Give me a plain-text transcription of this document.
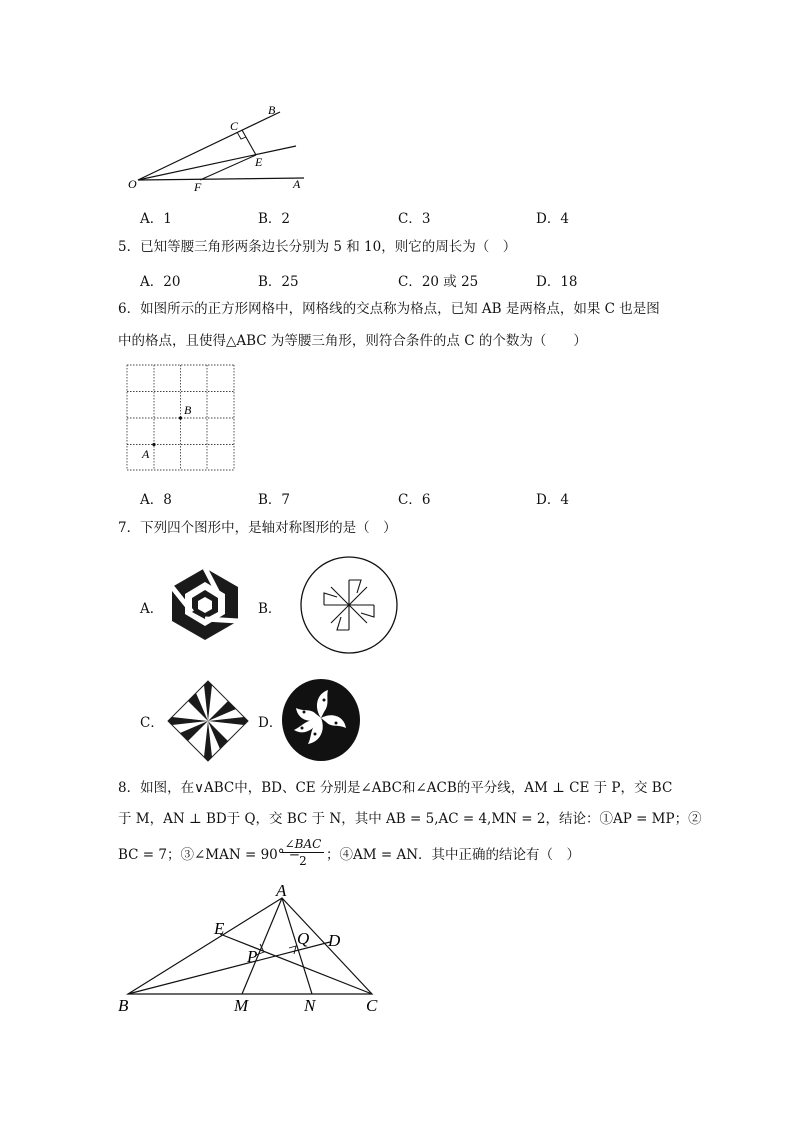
O	F	A
B
C
E
A．1	B．2	C．3	D．4
5．已知等腰三角形两条边长分别为 5 和 10，则它的周长为（　）
A．20	B．25	C．20 或 25	D．18
6．如图所示的正方形网格中，网格线的交点称为格点，已知 AB 是两格点，如果 C 也是图
中的格点，且使得△ABC 为等腰三角形，则符合条件的点 C 的个数为（　　）
A
B
A．8	B．7	C．6	D．4
7．下列四个图形中，是轴对称图形的是（　）
A．	B．
C．	D．
8．如图，在∨ABC中，BD、CE 分别是∠ABC和∠ACB的平分线，AM ⊥ CE 于 P，交 BC
于 M，AN ⊥ BD于 Q，交 BC 于 N，其中 AB = 5,AC = 4,MN = 2，结论：①AP = MP；②
BC = 7；③∠MAN = 90° −
∠BAC
2	；④AM = AN．其中正确的结论有（　）
A
B	C
D
E
M	N
P
Q
